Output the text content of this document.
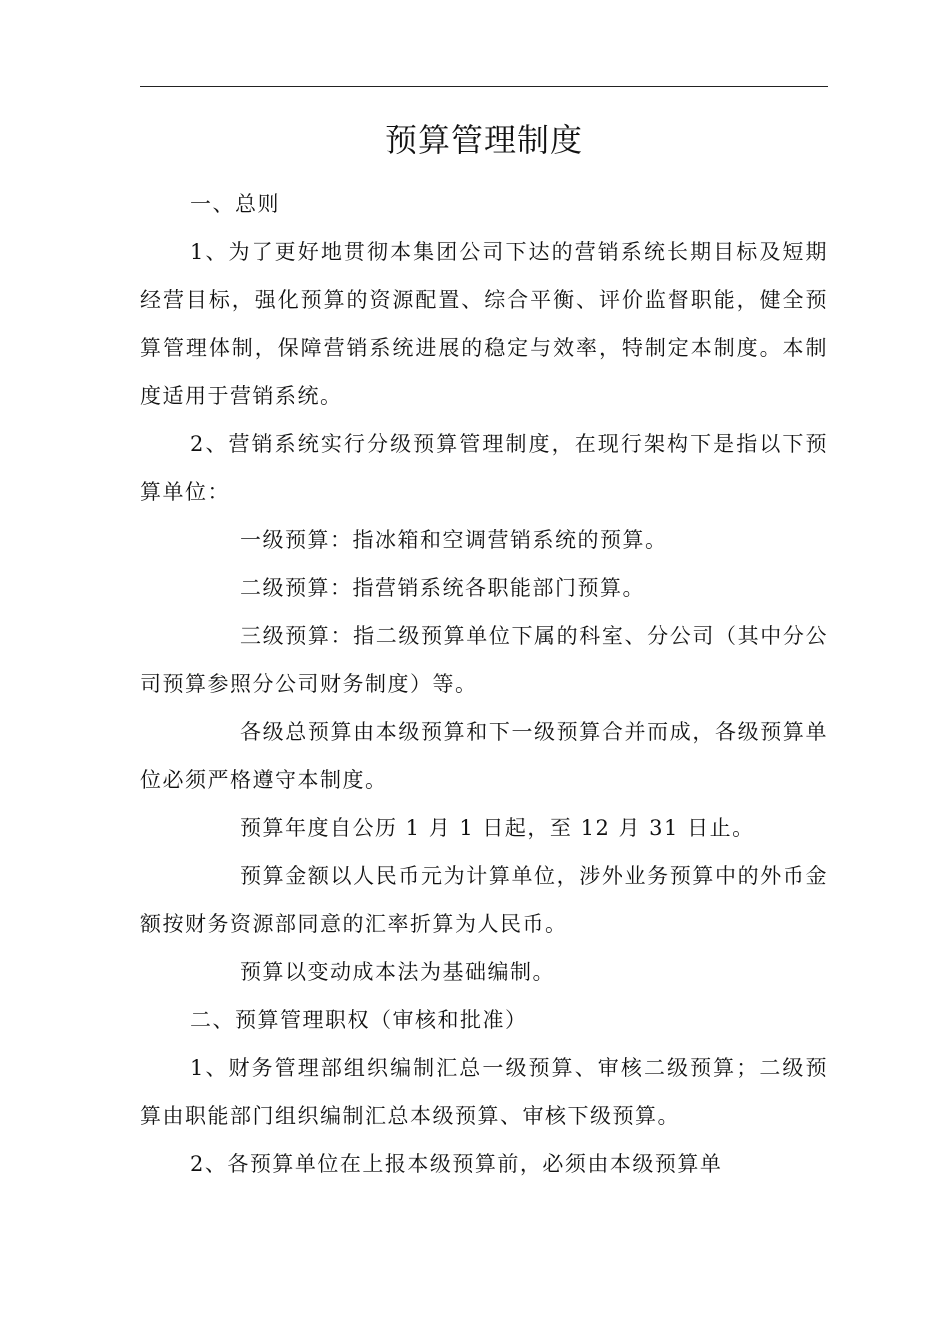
预算管理制度

一、总则

1、为了更好地贯彻本集团公司下达的营销系统长期目标及短期经营目标，强化预算的资源配置、综合平衡、评价监督职能，健全预算管理体制，保障营销系统进展的稳定与效率，特制定本制度。本制度适用于营销系统。

2、营销系统实行分级预算管理制度，在现行架构下是指以下预算单位：

一级预算：指冰箱和空调营销系统的预算。

二级预算：指营销系统各职能部门预算。

三级预算：指二级预算单位下属的科室、分公司（其中分公司预算参照分公司财务制度）等。

各级总预算由本级预算和下一级预算合并而成，各级预算单位必须严格遵守本制度。

预算年度自公历 1 月 1 日起，至 12 月 31 日止。

预算金额以人民币元为计算单位，涉外业务预算中的外币金额按财务资源部同意的汇率折算为人民币。

预算以变动成本法为基础编制。

二、预算管理职权（审核和批准）

1、财务管理部组织编制汇总一级预算、审核二级预算；二级预算由职能部门组织编制汇总本级预算、审核下级预算。

2、各预算单位在上报本级预算前，必须由本级预算单
